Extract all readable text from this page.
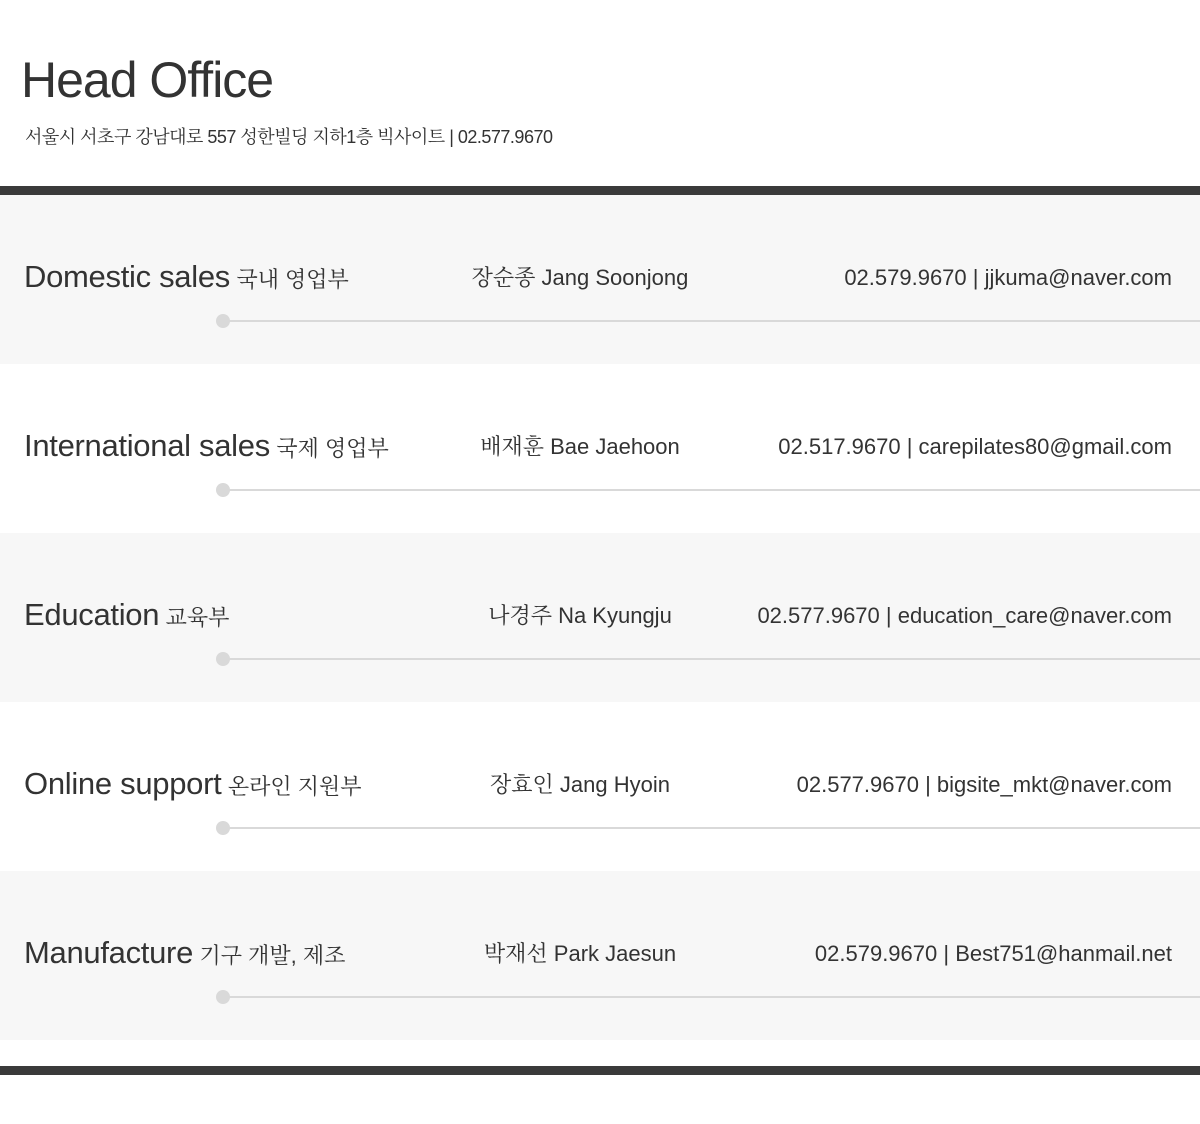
Head Office
서울시 서초구 강남대로 557 성한빌딩 지하1층 빅사이트 | 02.577.9670
Domestic sales 국내 영업부	장순종 Jang Soonjong	02.579.9670 | jjkuma@naver.com
International sales 국제 영업부	배재훈 Bae Jaehoon	02.517.9670 | carepilates80@gmail.com
Education 교육부	나경주 Na Kyungju	02.577.9670 | education_care@naver.com
Online support 온라인 지원부	장효인 Jang Hyoin	02.577.9670 | bigsite_mkt@naver.com
Manufacture 기구 개발, 제조	박재선 Park Jaesun	02.579.9670 | Best751@hanmail.net
